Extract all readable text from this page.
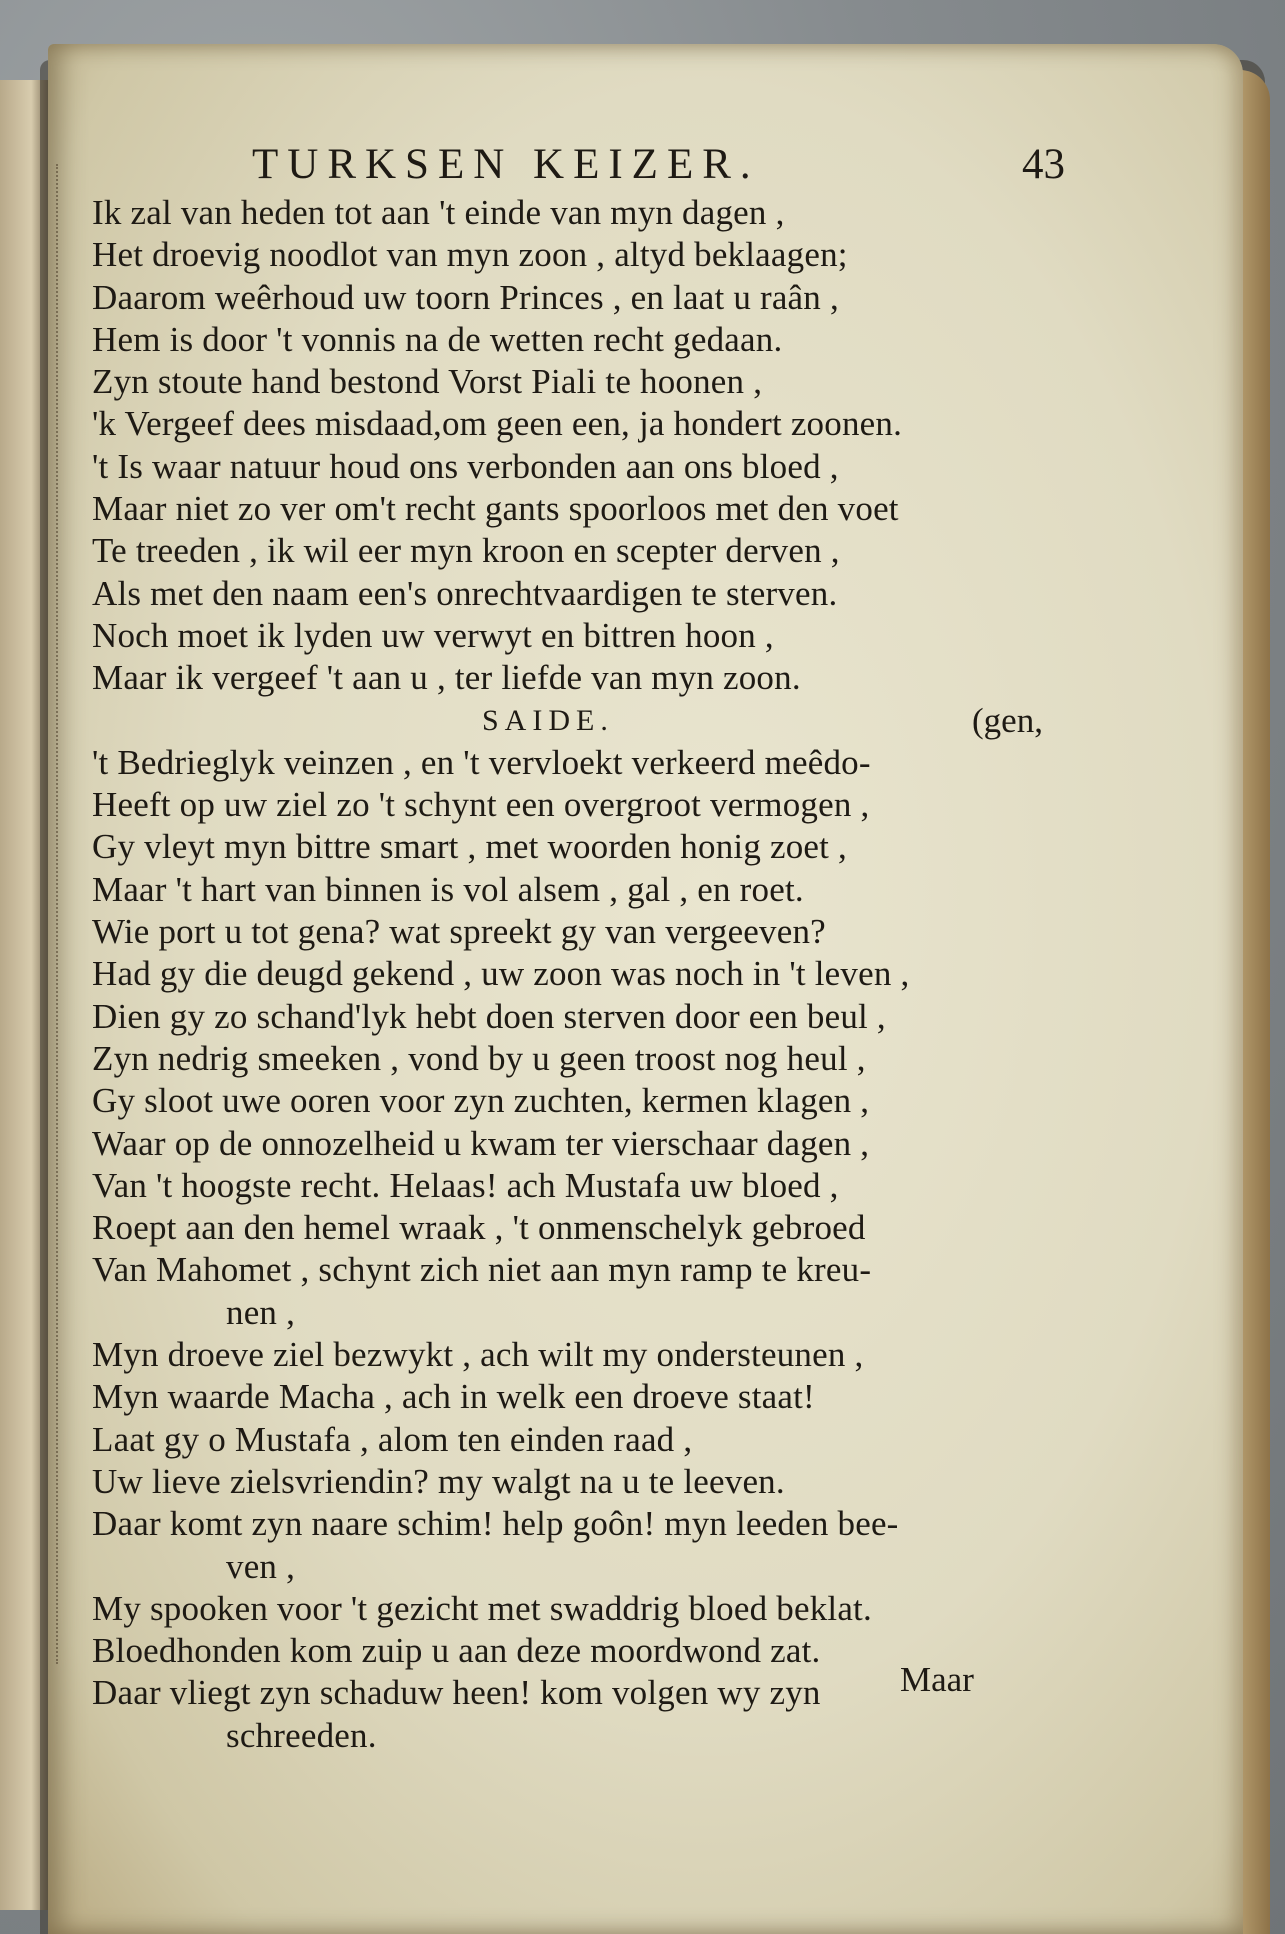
TURKSEN KEIZER.	43
Ik zal van heden tot aan 't einde van myn dagen ,
Het droevig noodlot van myn zoon , altyd beklaagen;
Daarom weêrhoud uw toorn Princes , en laat u raân ,
Hem is door 't vonnis na de wetten recht gedaan.
Zyn stoute hand bestond Vorst Piali te hoonen ,
'k Vergeef dees misdaad,om geen een, ja hondert zoonen.
't Is waar natuur houd ons verbonden aan ons bloed ,
Maar niet zo ver om't recht gants spoorloos met den voet
Te treeden , ik wil eer myn kroon en scepter derven ,
Als met den naam een's onrechtvaardigen te sterven.
Noch moet ik lyden uw verwyt en bittren hoon ,
Maar ik vergeef 't aan u , ter liefde van myn zoon.
SAIDE.	(gen,
't Bedrieglyk veinzen , en 't vervloekt verkeerd meêdo-
Heeft op uw ziel zo 't schynt een overgroot vermogen ,
Gy vleyt myn bittre smart , met woorden honig zoet ,
Maar 't hart van binnen is vol alsem , gal , en roet.
Wie port u tot gena? wat spreekt gy van vergeeven?
Had gy die deugd gekend , uw zoon was noch in 't leven ,
Dien gy zo schand'lyk hebt doen sterven door een beul ,
Zyn nedrig smeeken , vond by u geen troost nog heul ,
Gy sloot uwe ooren voor zyn zuchten, kermen klagen ,
Waar op de onnozelheid u kwam ter vierschaar dagen ,
Van 't hoogste recht. Helaas! ach Mustafa uw bloed ,
Roept aan den hemel wraak , 't onmenschelyk gebroed
Van Mahomet , schynt zich niet aan myn ramp te kreu-
nen ,
Myn droeve ziel bezwykt , ach wilt my ondersteunen ,
Myn waarde Macha , ach in welk een droeve staat!
Laat gy o Mustafa , alom ten einden raad ,
Uw lieve zielsvriendin? my walgt na u te leeven.
Daar komt zyn naare schim! help goôn! myn leeden bee-
ven ,
My spooken voor 't gezicht met swaddrig bloed beklat.
Bloedhonden kom zuip u aan deze moordwond zat.
Daar vliegt zyn schaduw heen! kom volgen wy zyn
schreeden.
Maar
